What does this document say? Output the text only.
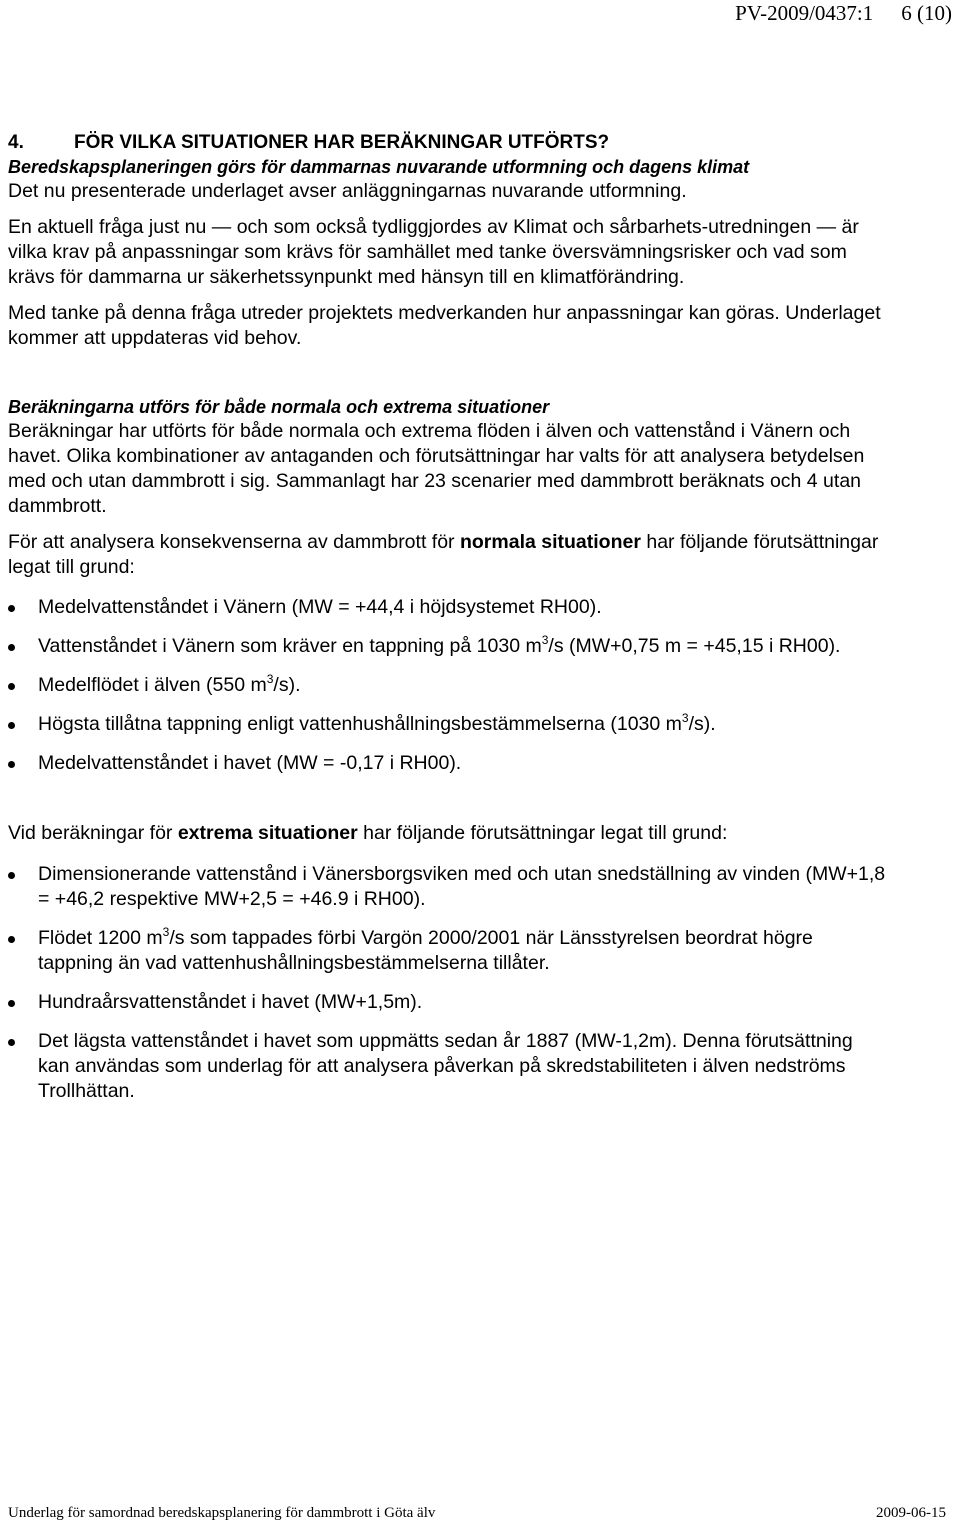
PV-2009/0437:1 6 (10)

4.	FÖR VILKA SITUATIONER HAR BERÄKNINGAR UTFÖRTS?

Beredskapsplaneringen görs för dammarnas nuvarande utformning och dagens klimat

Det nu presenterade underlaget avser anläggningarnas nuvarande utformning.

En aktuell fråga just nu — och som också tydliggjordes av Klimat och sårbarhets-utredningen — är vilka krav på anpassningar som krävs för samhället med tanke översvämningsrisker och vad som krävs för dammarna ur säkerhetssynpunkt med hänsyn till en klimatförändring.

Med tanke på denna fråga utreder projektets medverkanden hur anpassningar kan göras. Underlaget kommer att uppdateras vid behov.

Beräkningarna utförs för både normala och extrema situationer

Beräkningar har utförts för både normala och extrema flöden i älven och vattenstånd i Vänern och havet. Olika kombinationer av antaganden och förutsättningar har valts för att analysera betydelsen med och utan dammbrott i sig. Sammanlagt har 23 scenarier med dammbrott beräknats och 4 utan dammbrott.

För att analysera konsekvenserna av dammbrott för normala situationer har följande förutsättningar legat till grund:

Medelvattenståndet i Vänern (MW = +44,4 i höjdsystemet RH00).
Vattenståndet i Vänern som kräver en tappning på 1030 $m^3/s$ (MW+0,75 m = +45,15 i RH00).
Medelflödet i älven (550 $m^3/s$).
Högsta tillåtna tappning enligt vattenhushållningsbestämmelserna (1030 $m^3/s$).
Medelvattenståndet i havet (MW = -0,17 i RH00).

Vid beräkningar för extrema situationer har följande förutsättningar legat till grund:

Dimensionerande vattenstånd i Vänersborgsviken med och utan snedställning av vinden (MW+1,8 = +46,2 respektive MW+2,5 = +46.9 i RH00).
Flödet 1200 $m^3/s$ som tappades förbi Vargön 2000/2001 när Länsstyrelsen beordrat högre tappning än vad vattenhushållningsbestämmelserna tillåter.
Hundraårsvattenståndet i havet (MW+1,5m).
Det lägsta vattenståndet i havet som uppmätts sedan år 1887 (MW-1,2m). Denna förutsättning kan användas som underlag för att analysera påverkan på skredstabiliteten i älven nedströms Trollhättan.
Underlag för samordnad beredskapsplanering för dammbrott i Göta älv	2009-06-15
